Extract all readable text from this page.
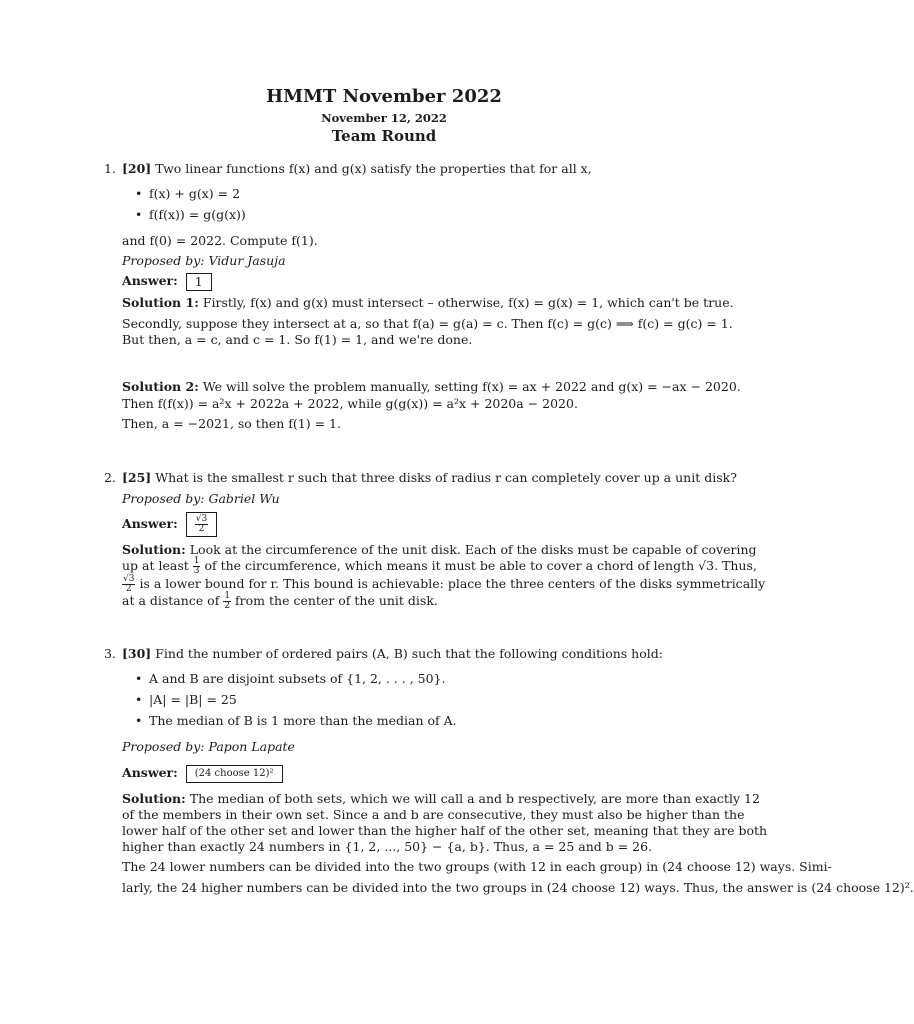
HMMT November 2022
November 12, 2022
Team Round
1. [20] Two linear functions f(x) and g(x) satisfy the properties that for all x,
• f(x) + g(x) = 2
• f(f(x)) = g(g(x))
and f(0) = 2022. Compute f(1).
Proposed by: Vidur Jasuja
Answer: 1
Solution 1: Firstly, f(x) and g(x) must intersect – otherwise, f(x) = g(x) = 1, which can't be true.
Secondly, suppose they intersect at a, so that f(a) = g(a) = c. Then f(c) = g(c) ⟹ f(c) = g(c) = 1.
But then, a = c, and c = 1. So f(1) = 1, and we're done.
Solution 2: We will solve the problem manually, setting f(x) = ax + 2022 and g(x) = −ax − 2020.
Then f(f(x)) = a²x + 2022a + 2022, while g(g(x)) = a²x + 2020a − 2020.
Then, a = −2021, so then f(1) = 1.
2. [25] What is the smallest r such that three disks of radius r can completely cover up a unit disk?
Proposed by: Gabriel Wu
Answer: $\frac{√3}{2}$
Solution: Look at the circumference of the unit disk. Each of the disks must be capable of covering
up at least $\frac{1}{3}$ of the circumference, which means it must be able to cover a chord of length √3. Thus,
$\frac{√3}{2}$ is a lower bound for r. This bound is achievable: place the three centers of the disks symmetrically
at a distance of $\frac{1}{2}$ from the center of the unit disk.
3. [30] Find the number of ordered pairs (A, B) such that the following conditions hold:
• A and B are disjoint subsets of {1, 2, . . . , 50}.
• |A| = |B| = 25
• The median of B is 1 more than the median of A.
Proposed by: Papon Lapate
Answer: (24 choose 12)²
Solution: The median of both sets, which we will call a and b respectively, are more than exactly 12
of the members in their own set. Since a and b are consecutive, they must also be higher than the
lower half of the other set and lower than the higher half of the other set, meaning that they are both
higher than exactly 24 numbers in {1, 2, ..., 50} − {a, b}. Thus, a = 25 and b = 26.
The 24 lower numbers can be divided into the two groups (with 12 in each group) in (24 choose 12) ways. Simi-
larly, the 24 higher numbers can be divided into the two groups in (24 choose 12) ways. Thus, the answer is (24 choose 12)².
